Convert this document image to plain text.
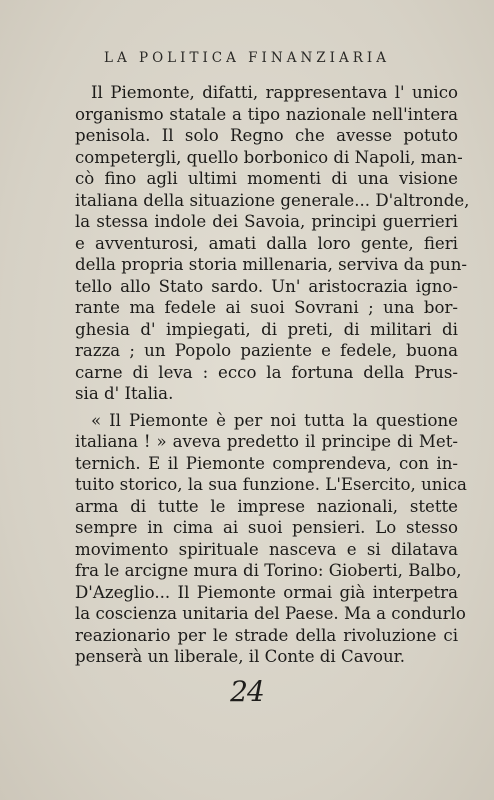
LA POLITICA FINANZIARIA
Il Piemonte, difatti, rappresentava l' unico
organismo statale a tipo nazionale nell'intera
penisola. Il solo Regno che avesse potuto
competergli, quello borbonico di Napoli, man-
cò fino agli ultimi momenti di una visione
italiana della situazione generale... D'altronde,
la stessa indole dei Savoia, principi guerrieri
e avventurosi, amati dalla loro gente, fieri
della propria storia millenaria, serviva da pun-
tello allo Stato sardo. Un' aristocrazia igno-
rante ma fedele ai suoi Sovrani ; una bor-
ghesia d' impiegati, di preti, di militari di
razza ; un Popolo paziente e fedele, buona
carne di leva : ecco la fortuna della Prus-
sia d' Italia.
« Il Piemonte è per noi tutta la questione
italiana ! » aveva predetto il principe di Met-
ternich. E il Piemonte comprendeva, con in-
tuito storico, la sua funzione. L'Esercito, unica
arma di tutte le imprese nazionali, stette
sempre in cima ai suoi pensieri. Lo stesso
movimento spirituale nasceva e si dilatava
fra le arcigne mura di Torino: Gioberti, Balbo,
D'Azeglio... Il Piemonte ormai già interpetra
la coscienza unitaria del Paese. Ma a condurlo
reazionario per le strade della rivoluzione ci
penserà un liberale, il Conte di Cavour.
24
